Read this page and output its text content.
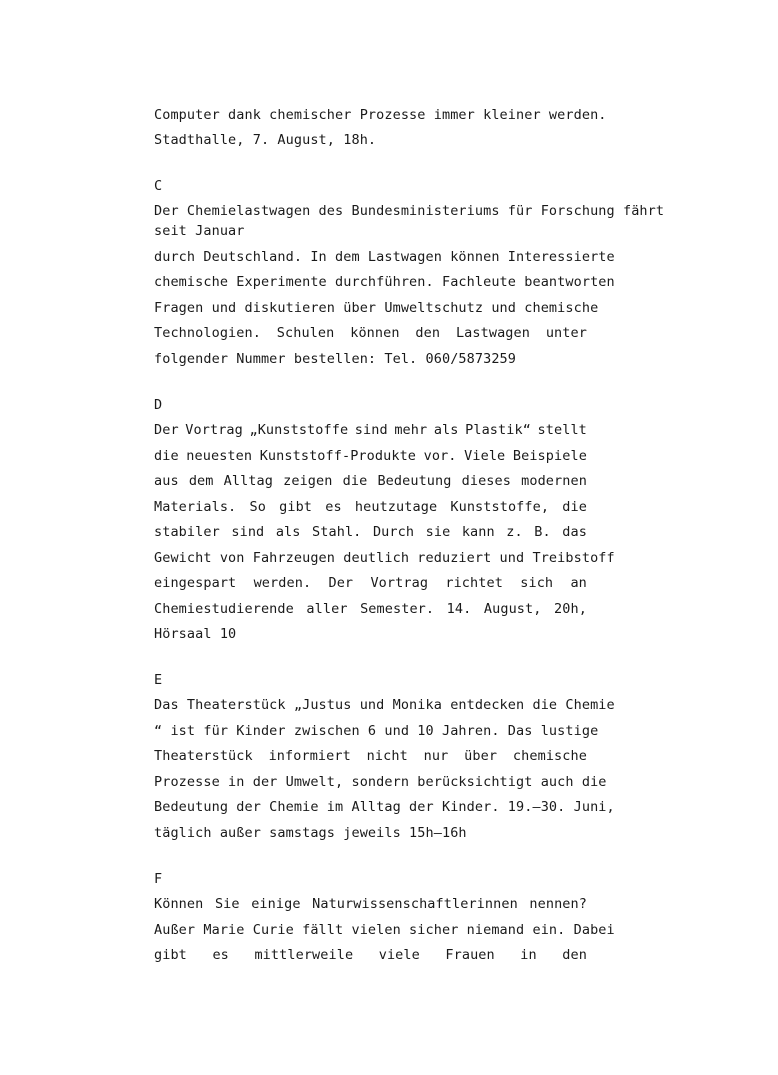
Computer dank chemischer Prozesse immer kleiner werden.
Stadthalle, 7. August, 18h.
C
Der Chemielastwagen des Bundesministeriums für Forschung fährt
seit Januar
durch Deutschland. In dem Lastwagen können Interessierte
chemische Experimente durchführen. Fachleute beantworten
Fragen und diskutieren über Umweltschutz und chemische
Technologien. Schulen können den Lastwagen unter
folgender Nummer bestellen: Tel. 060/5873259
D
Der Vortrag „Kunststoffe sind mehr als Plastik“ stellt
die neuesten Kunststoff-Produkte vor. Viele Beispiele
aus dem Alltag zeigen die Bedeutung dieses modernen
Materials. So gibt es heutzutage Kunststoffe, die
stabiler sind als Stahl. Durch sie kann z. B. das
Gewicht von Fahrzeugen deutlich reduziert und Treibstoff
eingespart werden. Der Vortrag richtet sich an
Chemiestudierende aller Semester. 14. August, 20h,
Hörsaal 10
E
Das Theaterstück „Justus und Monika entdecken die Chemie
“ ist für Kinder zwischen 6 und 10 Jahren. Das lustige
Theaterstück informiert nicht nur über chemische
Prozesse in der Umwelt, sondern berücksichtigt auch die
Bedeutung der Chemie im Alltag der Kinder. 19.–30. Juni,
täglich außer samstags jeweils 15h–16h
F
Können Sie einige Naturwissenschaftlerinnen nennen?
Außer Marie Curie fällt vielen sicher niemand ein. Dabei
gibt es mittlerweile viele Frauen in den
